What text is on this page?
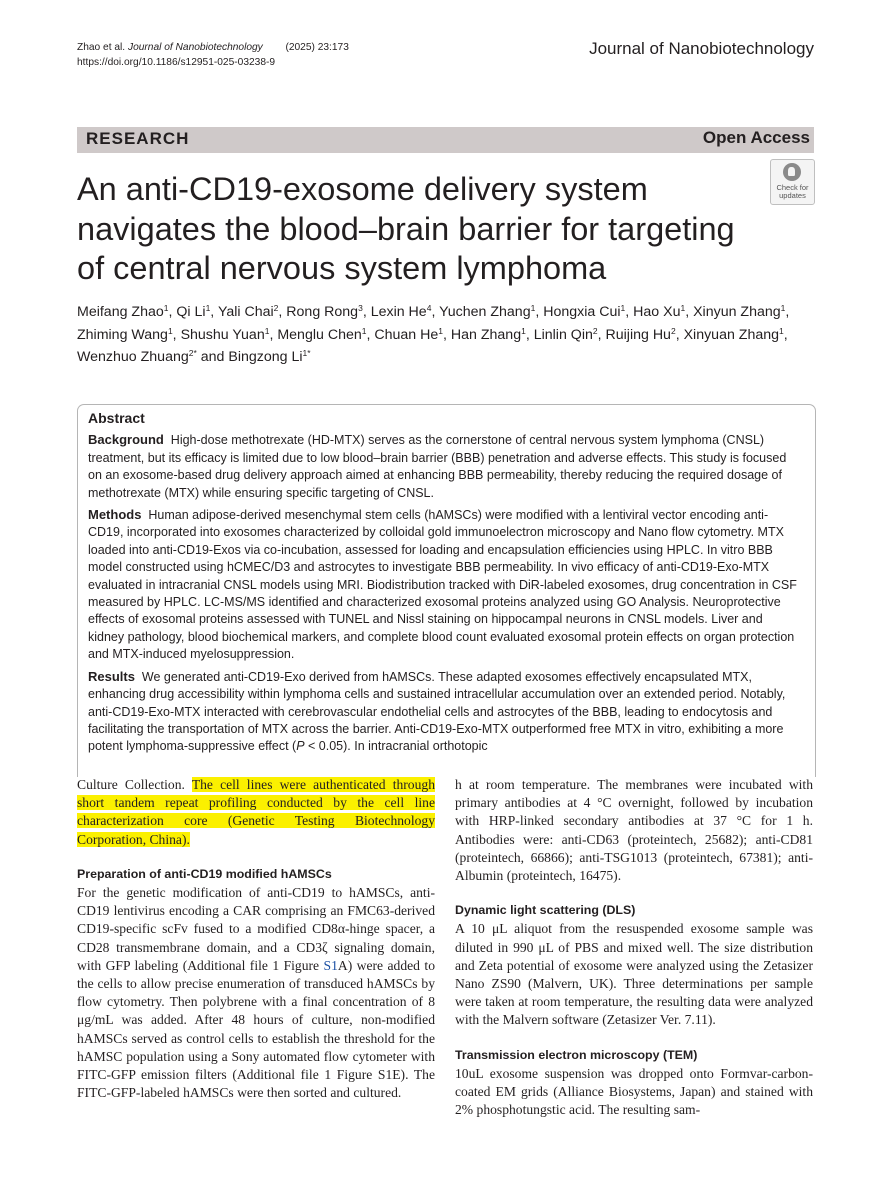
Zhao et al. Journal of Nanobiotechnology (2025) 23:173
https://doi.org/10.1186/s12951-025-03238-9
Journal of Nanobiotechnology
RESEARCH	Open Access
Check for
updates
An anti-CD19-exosome delivery system navigates the blood–brain barrier for targeting of central nervous system lymphoma
Meifang Zhao$^1$, Qi Li$^1$, Yali Chai$^2$, Rong Rong$^3$, Lexin He$^4$, Yuchen Zhang$^1$, Hongxia Cui$^1$, Hao Xu$^1$, Xinyun Zhang$^1$, Zhiming Wang$^1$, Shushu Yuan$^1$, Menglu Chen$^1$, Chuan He$^1$, Han Zhang$^1$, Linlin Qin$^2$, Ruijing Hu$^2$, Xinyuan Zhang$^1$, Wenzhuo Zhuang$^{2*}$ and Bingzong $Li^{1*}$
Abstract

Background High-dose methotrexate (HD-MTX) serves as the cornerstone of central nervous system lymphoma (CNSL) treatment, but its efficacy is limited due to low blood–brain barrier (BBB) penetration and adverse effects. This study is focused on an exosome-based drug delivery approach aimed at enhancing BBB permeability, thereby reducing the required dosage of methotrexate (MTX) while ensuring specific targeting of CNSL.

Methods Human adipose-derived mesenchymal stem cells (hAMSCs) were modified with a lentiviral vector encoding anti-CD19, incorporated into exosomes characterized by colloidal gold immunoelectron microscopy and Nano flow cytometry. MTX loaded into anti-CD19-Exos via co-incubation, assessed for loading and encapsulation efficiencies using HPLC. In vitro BBB model constructed using hCMEC/D3 and astrocytes to investigate BBB permeability. In vivo efficacy of anti-CD19-Exo-MTX evaluated in intracranial CNSL models using MRI. Biodistribution tracked with DiR-labeled exosomes, drug concentration in CSF measured by HPLC. LC-MS/MS identified and characterized exosomal proteins analyzed using GO Analysis. Neuroprotective effects of exosomal proteins assessed with TUNEL and Nissl staining on hippocampal neurons in CNSL models. Liver and kidney pathology, blood biochemical markers, and complete blood count evaluated exosomal protein effects on organ protection and MTX-induced myelosuppression.

Results We generated anti-CD19-Exo derived from hAMSCs. These adapted exosomes effectively encapsulated MTX, enhancing drug accessibility within lymphoma cells and sustained intracellular accumulation over an extended period. Notably, anti-CD19-Exo-MTX interacted with cerebrovascular endothelial cells and astrocytes of the BBB, leading to endocytosis and facilitating the transportation of MTX across the barrier. Anti-CD19-Exo-MTX outperformed free MTX in vitro, exhibiting a more potent lymphoma-suppressive effect (P < 0.05). In intracranial orthotopic

Culture Collection. The cell lines were authenticated through short tandem repeat profiling conducted by the cell line characterization core (Genetic Testing Biotechnology Corporation, China).

Preparation of anti-CD19 modified hAMSCs

For the genetic modification of anti-CD19 to hAMSCs, anti-CD19 lentivirus encoding a CAR comprising an FMC63-derived CD19-specific scFv fused to a modified CD8α-hinge spacer, a CD28 transmembrane domain, and a CD3ζ signaling domain, with GFP labeling (Additional file 1 Figure S1A) were added to the cells to allow precise enumeration of transduced hAMSCs by flow cytometry. Then polybrene with a final concentration of 8 μg/mL was added. After 48 hours of culture, non-modified hAMSCs served as control cells to establish the threshold for the hAMSC population using a Sony automated flow cytometer with FITC-GFP emission filters (Additional file 1 Figure S1E). The FITC-GFP-labeled hAMSCs were then sorted and cultured.

h at room temperature. The membranes were incubated with primary antibodies at 4 °C overnight, followed by incubation with HRP-linked secondary antibodies at 37 °C for 1 h. Antibodies were: anti-CD63 (proteintech, 25682); anti-CD81 (proteintech, 66866); anti-TSG1013 (proteintech, 67381); anti-Albumin (proteintech, 16475).

Dynamic light scattering (DLS)

A 10 μL aliquot from the resuspended exosome sample was diluted in 990 μL of PBS and mixed well. The size distribution and Zeta potential of exosome were analyzed using the Zetasizer Nano ZS90 (Malvern, UK). Three determinations per sample were taken at room temperature, the resulting data were analyzed with the Malvern software (Zetasizer Ver. 7.11).

Transmission electron microscopy (TEM)

10uL exosome suspension was dropped onto Formvar-carbon-coated EM grids (Alliance Biosystems, Japan) and stained with 2% phosphotungstic acid. The resulting sam-
